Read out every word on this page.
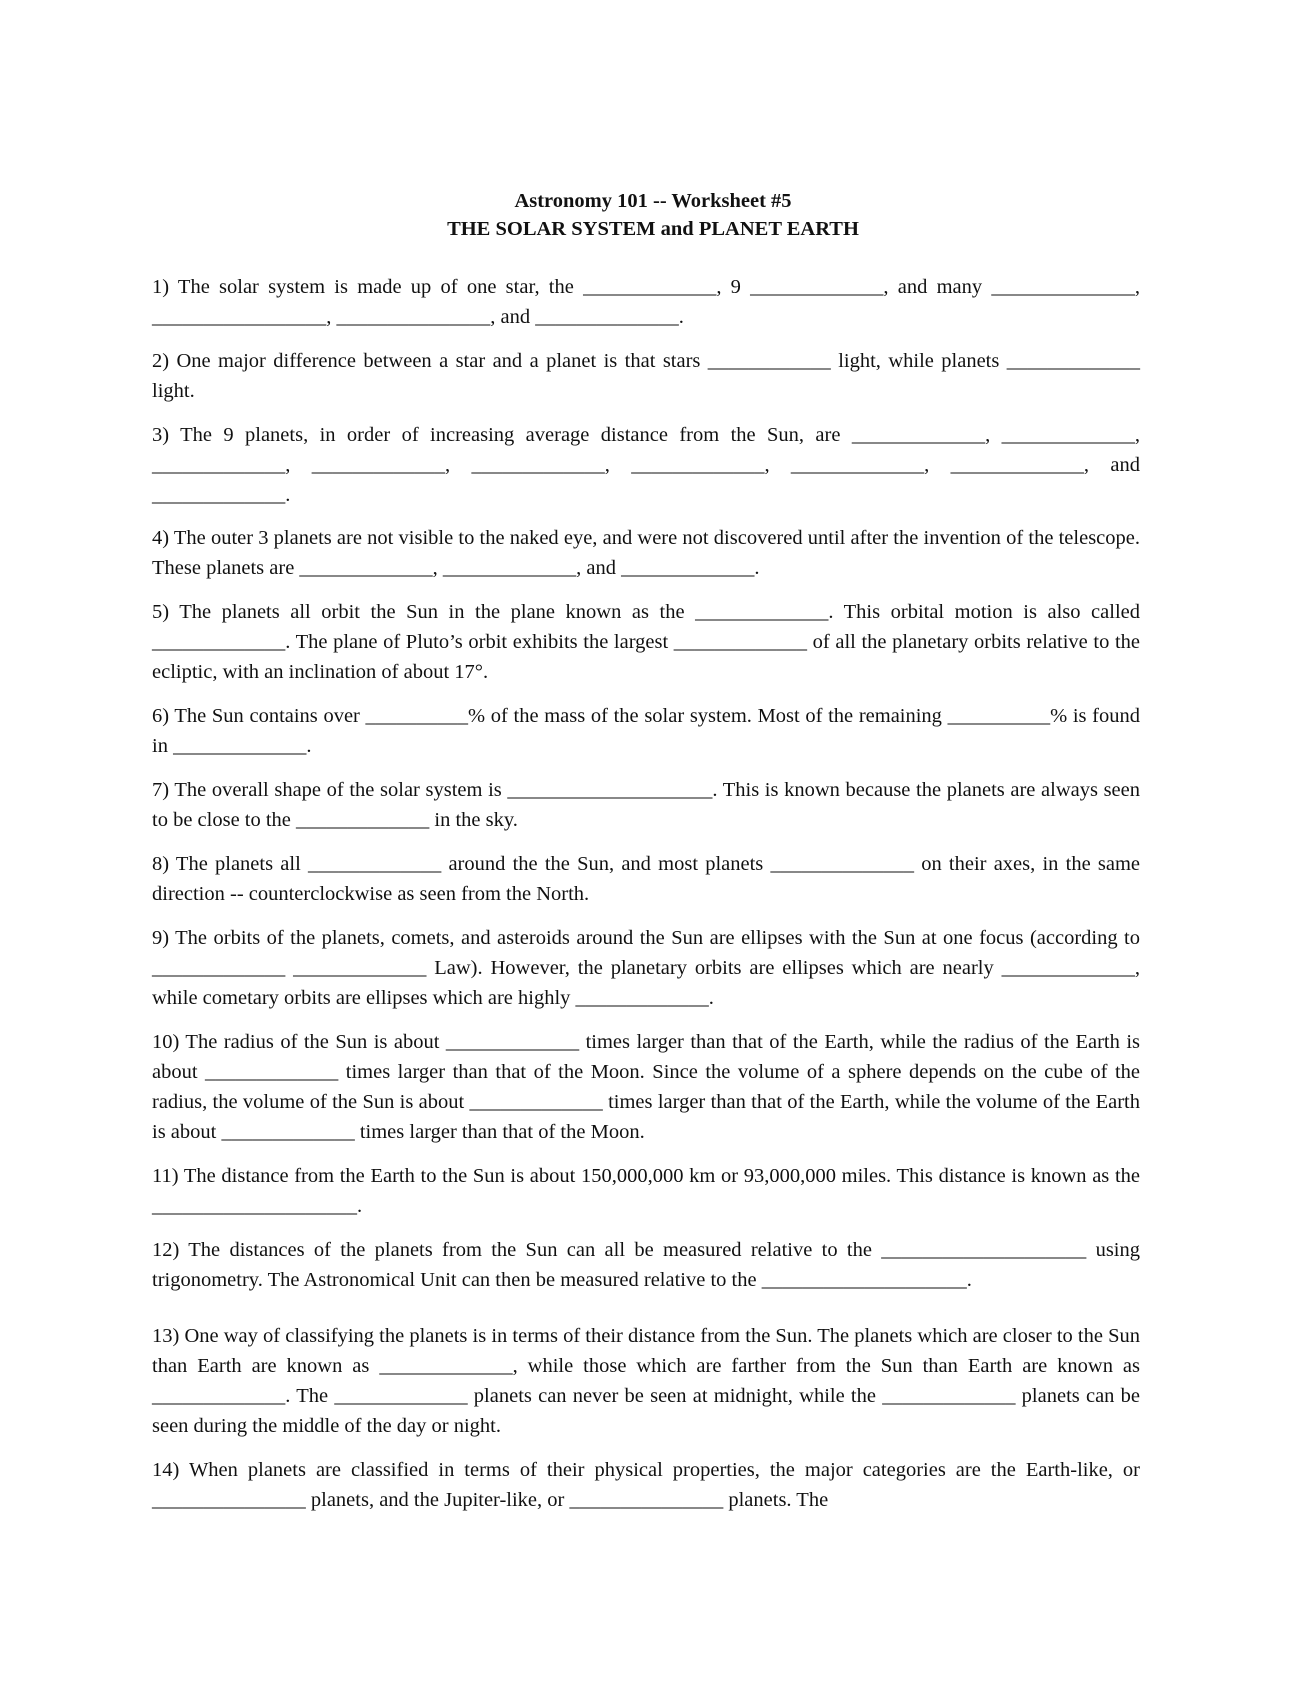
Astronomy 101 -- Worksheet #5
THE SOLAR SYSTEM and PLANET EARTH

1) The solar system is made up of one star, the _____________, 9 _____________, and many ______________, _________________, _______________, and ______________.

2) One major difference between a star and a planet is that stars ____________ light, while planets _____________ light.

3) The 9 planets, in order of increasing average distance from the Sun, are _____________, _____________, _____________, _____________, _____________, _____________, _____________, _____________, and _____________.

4) The outer 3 planets are not visible to the naked eye, and were not discovered until after the invention of the telescope. These planets are _____________, _____________, and _____________.

5) The planets all orbit the Sun in the plane known as the _____________. This orbital motion is also called _____________. The plane of Pluto’s orbit exhibits the largest _____________ of all the planetary orbits relative to the ecliptic, with an inclination of about 17°.

6) The Sun contains over __________% of the mass of the solar system. Most of the remaining __________% is found in _____________.

7) The overall shape of the solar system is ____________________. This is known because the planets are always seen to be close to the _____________ in the sky.

8) The planets all _____________ around the the Sun, and most planets ______________ on their axes, in the same direction -- counterclockwise as seen from the North.

9) The orbits of the planets, comets, and asteroids around the Sun are ellipses with the Sun at one focus (according to _____________ _____________ Law). However, the planetary orbits are ellipses which are nearly _____________, while cometary orbits are ellipses which are highly _____________.

10) The radius of the Sun is about _____________ times larger than that of the Earth, while the radius of the Earth is about _____________ times larger than that of the Moon. Since the volume of a sphere depends on the cube of the radius, the volume of the Sun is about _____________ times larger than that of the Earth, while the volume of the Earth is about _____________ times larger than that of the Moon.

11) The distance from the Earth to the Sun is about 150,000,000 km or 93,000,000 miles. This distance is known as the ____________________.

12) The distances of the planets from the Sun can all be measured relative to the ____________________ using trigonometry. The Astronomical Unit can then be measured relative to the ____________________.

13) One way of classifying the planets is in terms of their distance from the Sun. The planets which are closer to the Sun than Earth are known as _____________, while those which are farther from the Sun than Earth are known as _____________. The _____________ planets can never be seen at midnight, while the _____________ planets can be seen during the middle of the day or night.

14) When planets are classified in terms of their physical properties, the major categories are the Earth-like, or _______________ planets, and the Jupiter-like, or _______________ planets. The
